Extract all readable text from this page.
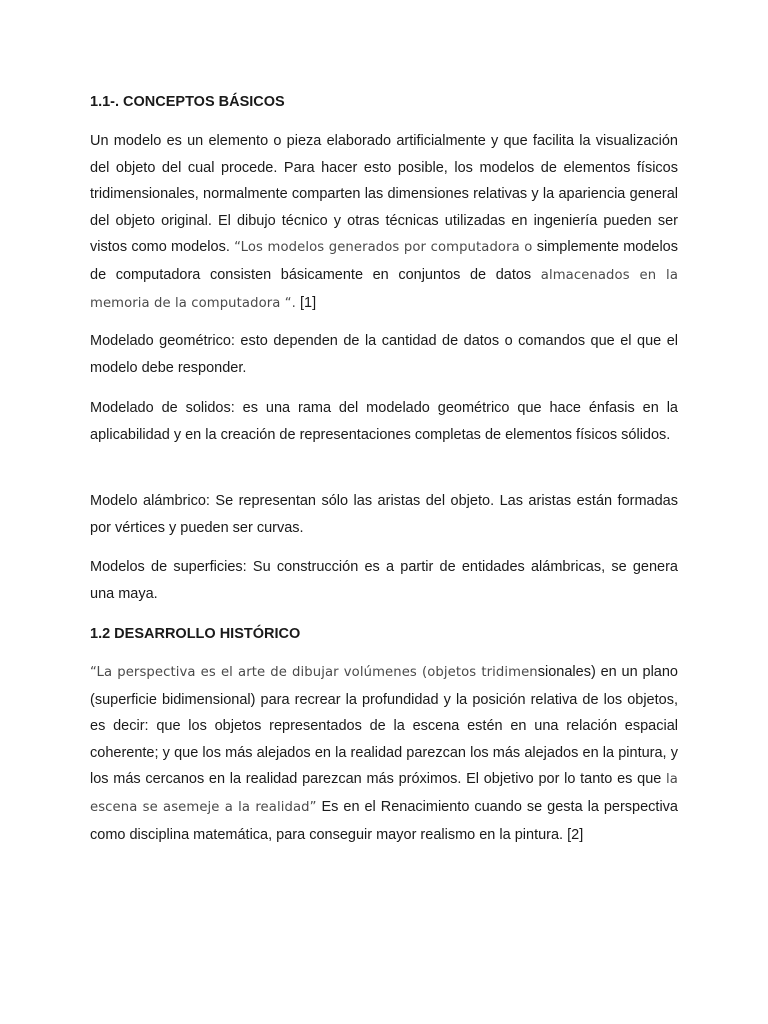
1.1-. CONCEPTOS BÁSICOS

Un modelo es un elemento o pieza elaborado artificialmente y que facilita la visualización del objeto del cual procede. Para hacer esto posible, los modelos de elementos físicos tridimensionales, normalmente comparten las dimensiones relativas y la apariencia general del objeto original. El dibujo técnico y otras técnicas utilizadas en ingeniería pueden ser vistos como modelos. “Los modelos generados por computadora o simplemente modelos de computadora consisten básicamente en conjuntos de datos almacenados en la memoria de la computadora “. [1]

Modelado geométrico: esto dependen de la cantidad de datos o comandos que el que el modelo debe responder.

Modelado de solidos: es una rama del modelado geométrico que hace énfasis en la aplicabilidad y en la creación de representaciones completas de elementos físicos sólidos.

Modelo alámbrico: Se representan sólo las aristas del objeto. Las aristas están formadas por vértices y pueden ser curvas.

Modelos de superficies: Su construcción es a partir de entidades alámbricas, se genera una maya.

1.2 DESARROLLO HISTÓRICO

“La perspectiva es el arte de dibujar volúmenes (objetos tridimensionales) en un plano (superficie bidimensional) para recrear la profundidad y la posición relativa de los objetos, es decir: que los objetos representados de la escena estén en una relación espacial coherente; y que los más alejados en la realidad parezcan los más alejados en la pintura, y los más cercanos en la realidad parezcan más próximos. El objetivo por lo tanto es que la escena se asemeje a la realidad” Es en el Renacimiento cuando se gesta la perspectiva como disciplina matemática, para conseguir mayor realismo en la pintura. [2]
